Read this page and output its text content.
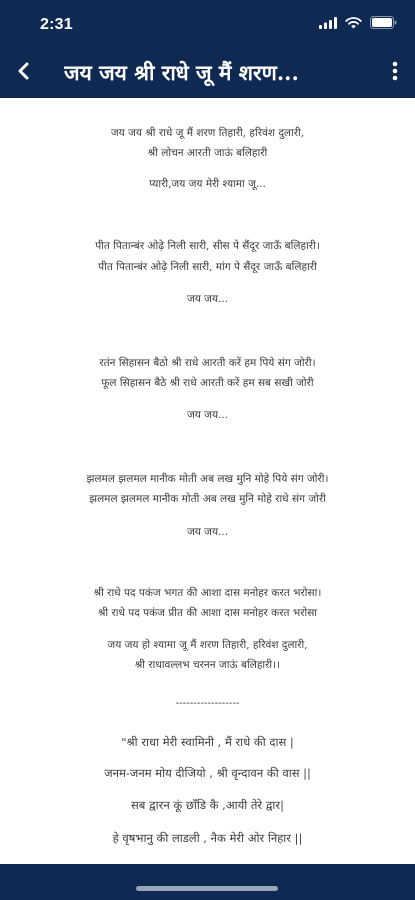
2:31
जय जय श्री राधे जू मैं शरण...
जय जय श्री राधे जू मैं शरण तिहारी, हरिवंश दुलारी,
श्री लोचन आरती जाऊं बलिहारी
प्यारी,जय जय मेरी श्यामा जू...
पीत पितान्बंर ओढ़े निली सारी, सीस पे सैंदूर जाऊँ बलिहारी।
पीत पितान्बंर ओढ़े निली सारी, मांग पे सैंदूर जाऊँ बलिहारी
जय जय...
रतंन सिहासन बैठो श्री राधे आरती करें हम पिये संग जोरी।
फूल सिहासन बैठे श्री राधे आरती करें हम सब सखी जोरी
जय जय...
झलमल झलमल मानीक मोती अब लख मुनि मोहे पिये संग जोरी।
झलमल झलमल मानीक मोती अब लख मुनि मोहे राधे संग जोरी
जय जय...
श्री राधे पद पकंज भगत की आशा दास मनोहर करत भरोसा।
श्री राधे पद पकंज प्रीत की आशा दास मनोहर करत भरोसा
जय जय हो श्यामा जू मैं शरण तिहारी, हरिवंश दुलारी,
श्री राधावल्लभ चरनन जाऊं बलिहारी।।
------------------
"श्री राधा मेरी स्वामिनी , मैं राधे की दास |
जनम-जनम मोय दीजियो , श्री वृन्दावन की वास ||
सब द्वारन कूं छाँडि कै ,आयी तेरे द्वार|
हे वृषभानु की लाडली , नैक मेरी ओर निहार ||
